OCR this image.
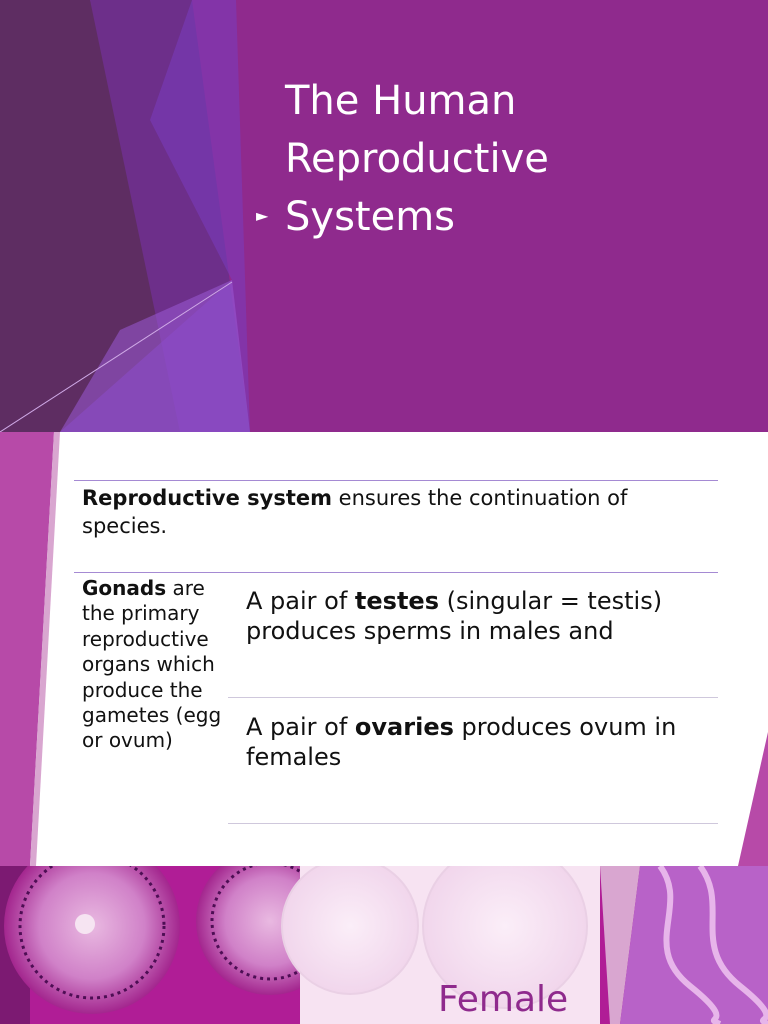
►
The Human
Reproductive
Systems
Reproductive system ensures the continuation of species.
Gonads are the primary reproductive organs which produce the gametes (egg or ovum)
A pair of testes (singular = testis) produces sperms in males and
A pair of ovaries produces ovum in females
Female
